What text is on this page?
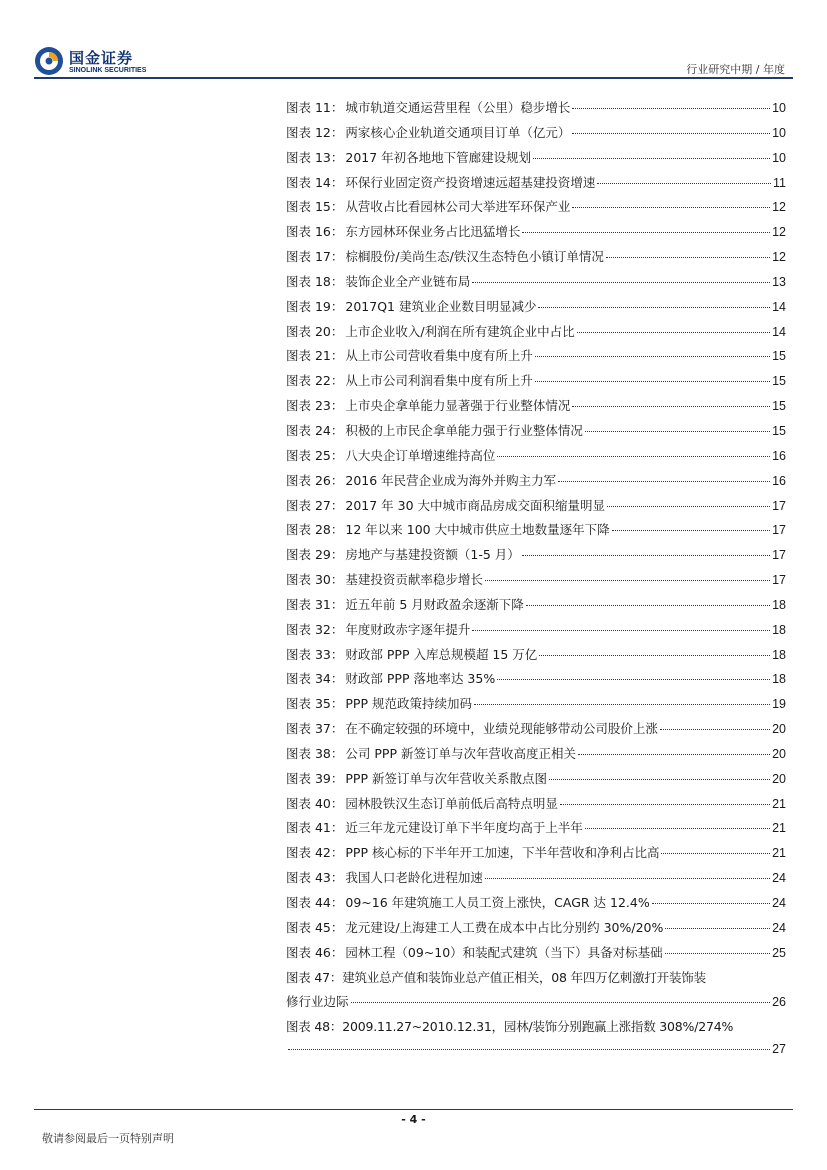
国金证券
SINOLINK SECURITIES	行业研究中期 / 年度
图表 11： 城市轨道交通运营里程（公里）稳步增长	10
图表 12： 两家核心企业轨道交通项目订单（亿元）	10
图表 13： 2017 年初各地地下管廊建设规划	10
图表 14： 环保行业固定资产投资增速远超基建投资增速	11
图表 15： 从营收占比看园林公司大举进军环保产业	12
图表 16： 东方园林环保业务占比迅猛增长	12
图表 17： 棕榈股份/美尚生态/铁汉生态特色小镇订单情况	12
图表 18： 装饰企业全产业链布局	13
图表 19： 2017Q1 建筑业企业数目明显减少	14
图表 20： 上市企业收入/利润在所有建筑企业中占比	14
图表 21： 从上市公司营收看集中度有所上升	15
图表 22： 从上市公司利润看集中度有所上升	15
图表 23： 上市央企拿单能力显著强于行业整体情况	15
图表 24： 积极的上市民企拿单能力强于行业整体情况	15
图表 25： 八大央企订单增速维持高位	16
图表 26： 2016 年民营企业成为海外并购主力军	16
图表 27： 2017 年 30 大中城市商品房成交面积缩量明显	17
图表 28： 12 年以来 100 大中城市供应土地数量逐年下降	17
图表 29： 房地产与基建投资额（1-5 月）	17
图表 30： 基建投资贡献率稳步增长	17
图表 31： 近五年前 5 月财政盈余逐渐下降	18
图表 32： 年度财政赤字逐年提升	18
图表 33： 财政部 PPP 入库总规模超 15 万亿	18
图表 34： 财政部 PPP 落地率达 35%	18
图表 35： PPP 规范政策持续加码	19
图表 37： 在不确定较强的环境中，业绩兑现能够带动公司股价上涨	20
图表 38： 公司 PPP 新签订单与次年营收高度正相关	20
图表 39： PPP 新签订单与次年营收关系散点图	20
图表 40： 园林股铁汉生态订单前低后高特点明显	21
图表 41： 近三年龙元建设订单下半年度均高于上半年	21
图表 42： PPP 核心标的下半年开工加速，下半年营收和净利占比高	21
图表 43： 我国人口老龄化进程加速	24
图表 44： 09~16 年建筑施工人员工资上涨快，CAGR 达 12.4%	24
图表 45： 龙元建设/上海建工人工费在成本中占比分别约 30%/20%	24
图表 46： 园林工程（09~10）和装配式建筑（当下）具备对标基础	25
图表 47：建筑业总产值和装饰业总产值正相关，08 年四万亿刺激打开装饰装
修行业边际	26
图表 48：2009.11.27~2010.12.31，园林/装饰分别跑赢上涨指数 308%/274%
27
- 4 -
敬请参阅最后一页特别声明
